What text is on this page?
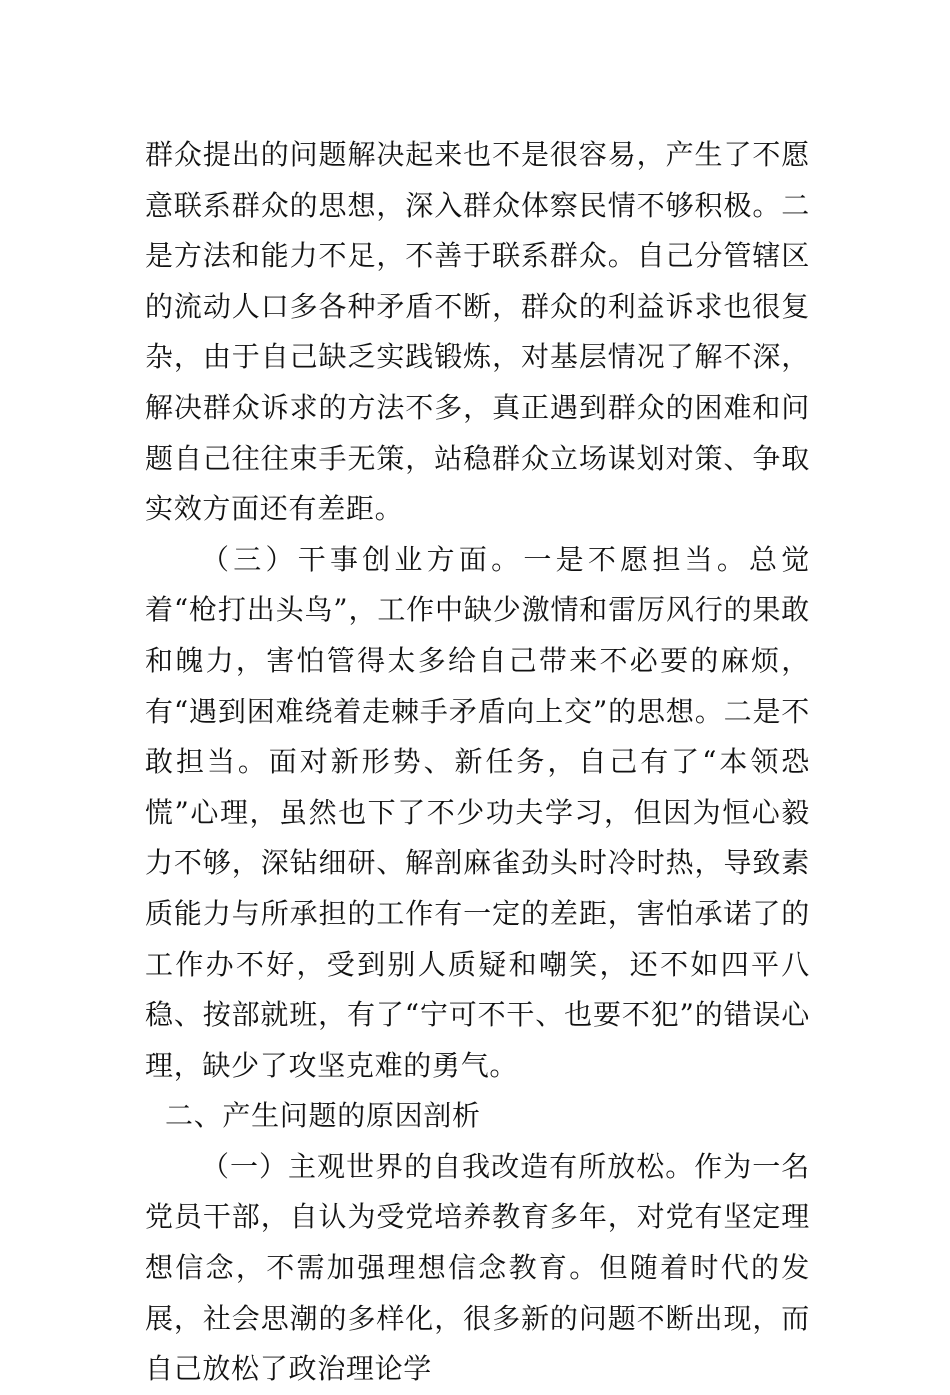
群众提出的问题解决起来也不是很容易，产生了不愿意联系群众的思想，深入群众体察民情不够积极。二是方法和能力不足，不善于联系群众。自己分管辖区的流动人口多各种矛盾不断，群众的利益诉求也很复杂，由于自己缺乏实践锻炼，对基层情况了解不深，解决群众诉求的方法不多，真正遇到群众的困难和问题自己往往束手无策，站稳群众立场谋划对策、争取实效方面还有差距。

（三）干事创业方面。一是不愿担当。总觉着“枪打出头鸟”，工作中缺少激情和雷厉风行的果敢和魄力，害怕管得太多给自己带来不必要的麻烦，有“遇到困难绕着走棘手矛盾向上交”的思想。二是不敢担当。面对新形势、新任务，自己有了“本领恐慌”心理，虽然也下了不少功夫学习，但因为恒心毅力不够，深钻细研、解剖麻雀劲头时冷时热，导致素质能力与所承担的工作有一定的差距，害怕承诺了的工作办不好，受到别人质疑和嘲笑，还不如四平八稳、按部就班，有了“宁可不干、也要不犯”的错误心理，缺少了攻坚克难的勇气。

二、产生问题的原因剖析

（一）主观世界的自我改造有所放松。作为一名党员干部，自认为受党培养教育多年，对党有坚定理想信念，不需加强理想信念教育。但随着时代的发展，社会思潮的多样化，很多新的问题不断出现，而自己放松了政治理论学
